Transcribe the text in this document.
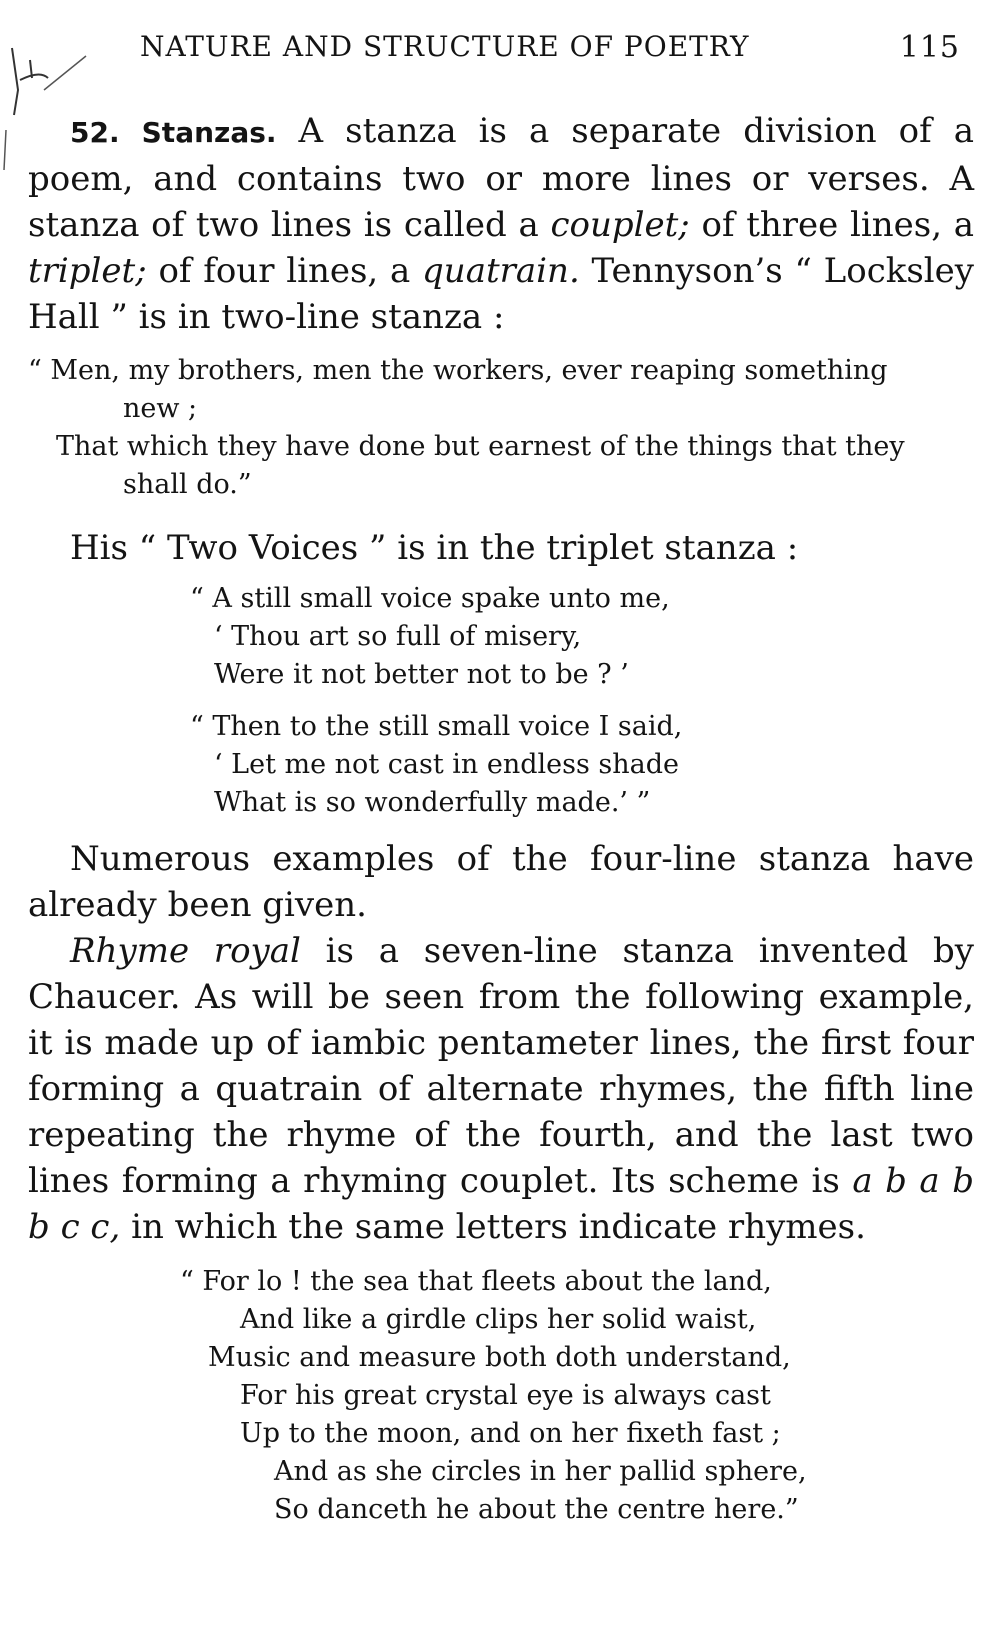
NATURE AND STRUCTURE OF POETRY	115

52. Stanzas. A stanza is a separate division of a poem, and contains two or more lines or verses. A stanza of two lines is called a couplet; of three lines, a triplet; of four lines, a quatrain. Tennyson’s “ Locksley Hall ” is in two-line stanza :

“ Men, my brothers, men the workers, ever reaping something
new ;
That which they have done but earnest of the things that they
shall do.”

His “ Two Voices ” is in the triplet stanza :

“ A still small voice spake unto me,
‘ Thou art so full of misery,
Were it not better not to be ? ’
“ Then to the still small voice I said,
‘ Let me not cast in endless shade
What is so wonderfully made.’ ”

Numerous examples of the four-line stanza have already been given.

Rhyme royal is a seven-line stanza invented by Chaucer. As will be seen from the following example, it is made up of iambic pentameter lines, the first four forming a quatrain of alternate rhymes, the fifth line repeating the rhyme of the fourth, and the last two lines forming a rhyming couplet. Its scheme is a b a b b c c, in which the same letters indicate rhymes.

“ For lo ! the sea that fleets about the land,
And like a girdle clips her solid waist,
Music and measure both doth understand,
For his great crystal eye is always cast
Up to the moon, and on her fixeth fast ;
And as she circles in her pallid sphere,
So danceth he about the centre here.”
